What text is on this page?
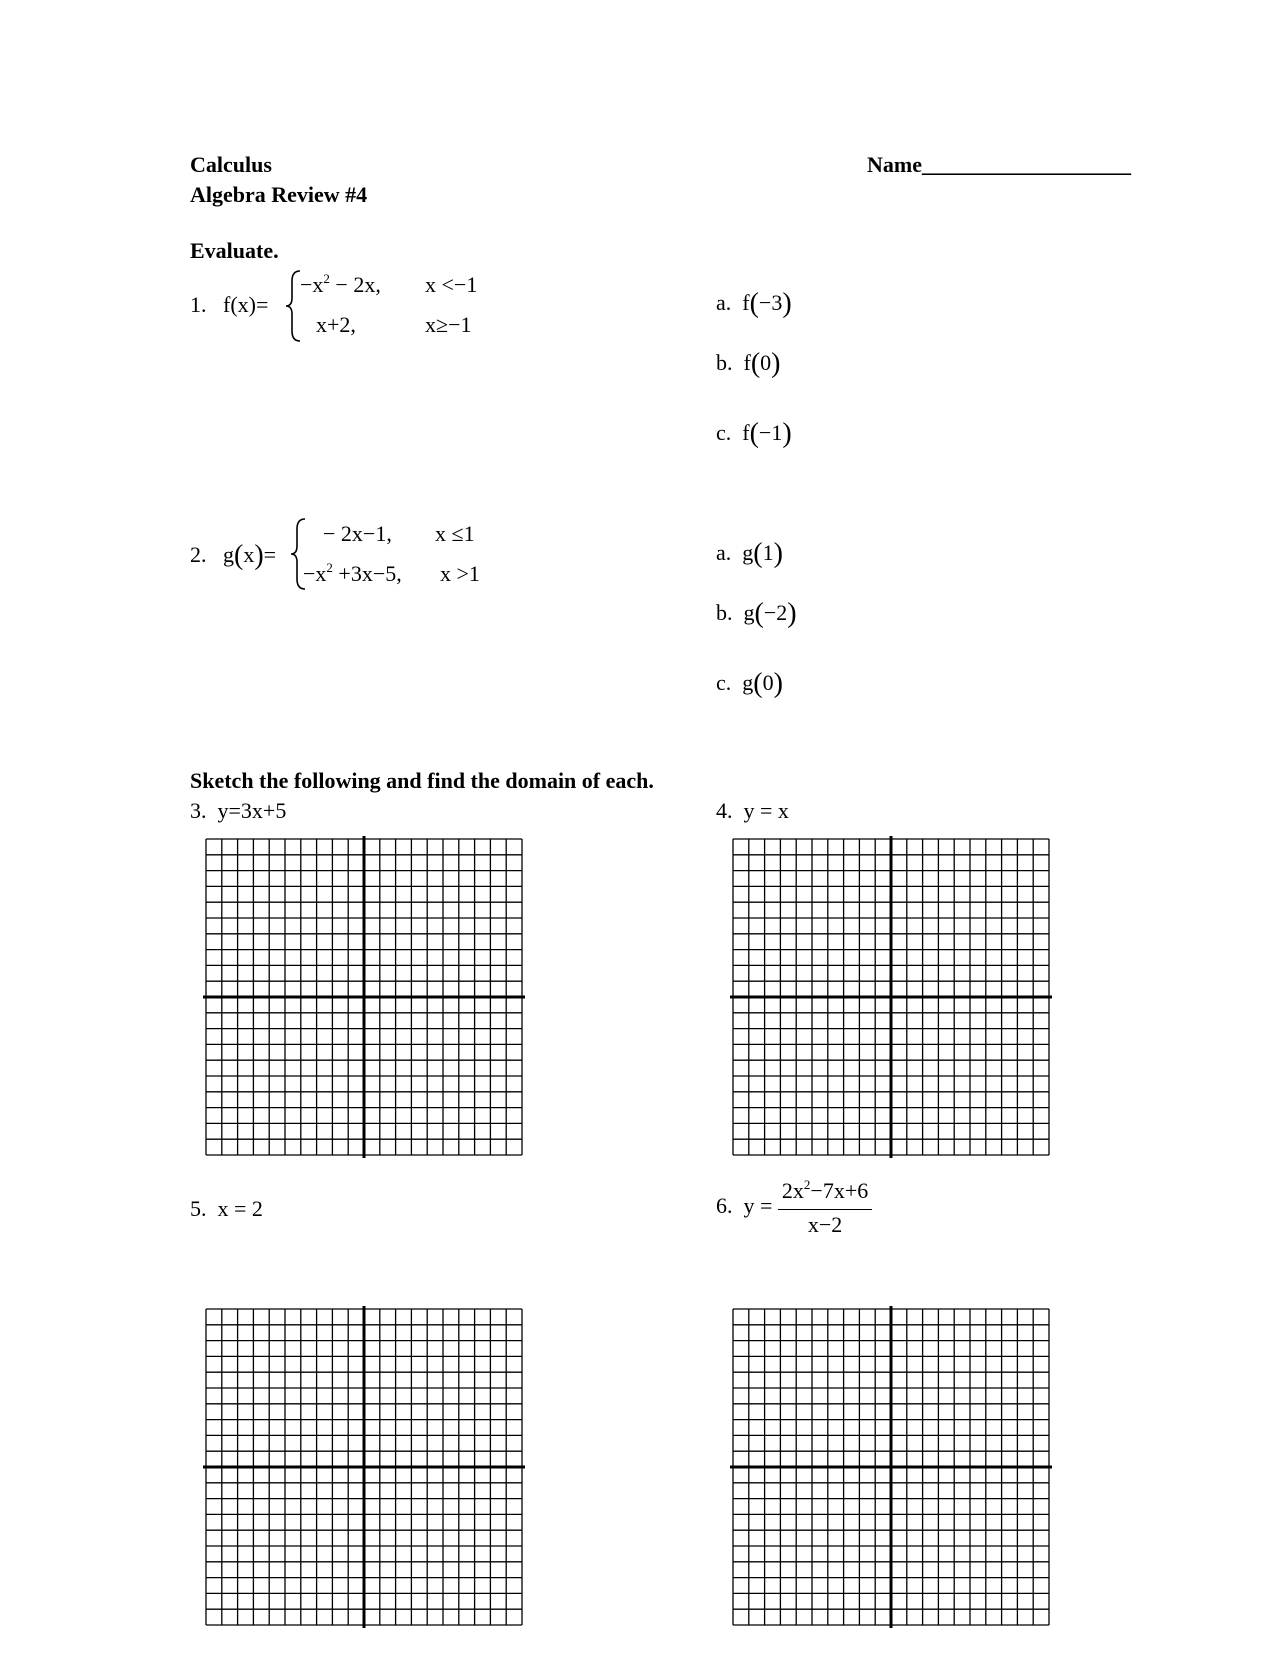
Calculus
Algebra Review #4
Name___________________
Evaluate.
1. f(x)=
$-x^2 - 2x$, x <−1
x+2,	x≥−1
a. f(−3)
b. f(0)
c. f(−1)
2. g(x)=
− 2x−1, x ≤1
$-x^2 +3x-5$, x >1
a. g(1)
b. g(−2)
c. g(0)
Sketch the following and find the domain of each.
3. y=3x+5	4. y = x
5. x = 2	6. $y = \frac{2x^2-7x+6}{x-2}$
